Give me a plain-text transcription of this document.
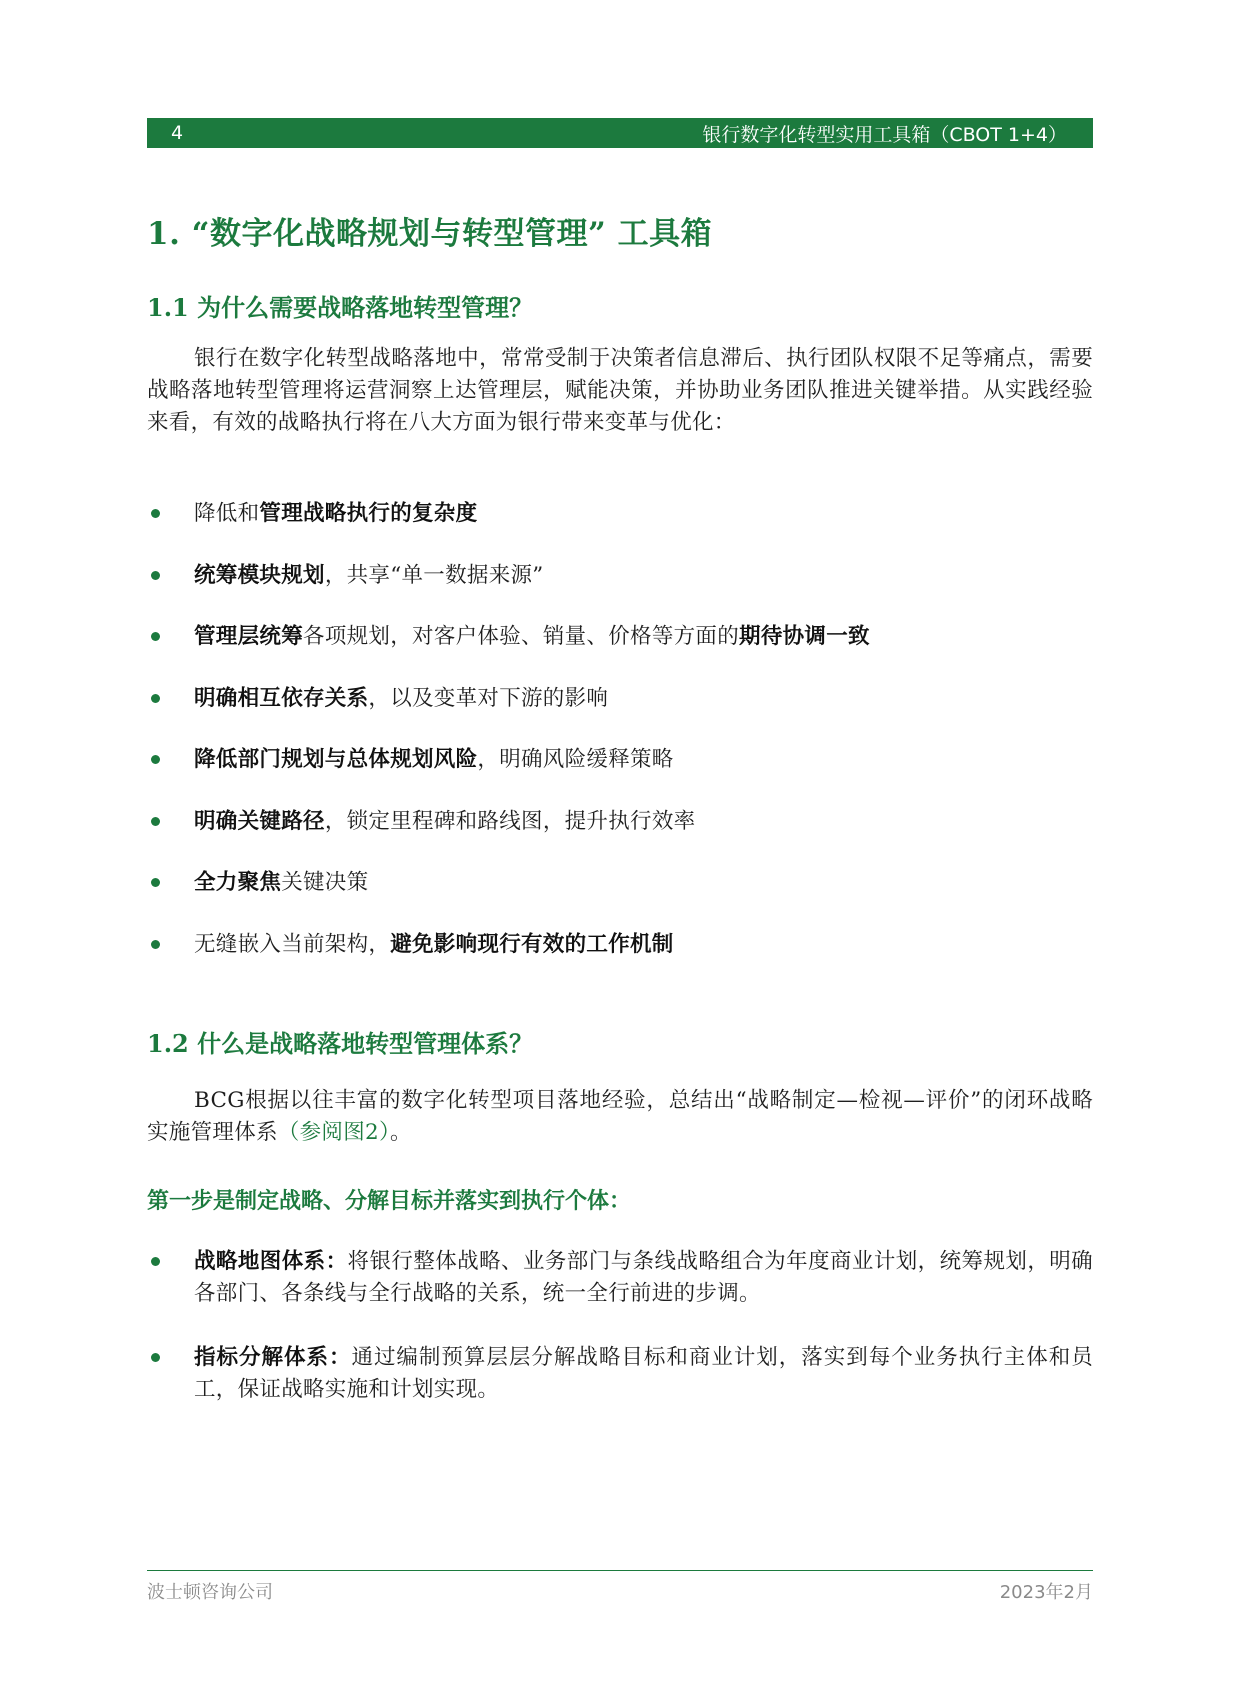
4	银行数字化转型实用工具箱（CBOT 1+4）
1. “数字化战略规划与转型管理” 工具箱
1.1 为什么需要战略落地转型管理？

银行在数字化转型战略落地中，常常受制于决策者信息滞后、执行团队权限不足等痛点，需要战略落地转型管理将运营洞察上达管理层，赋能决策，并协助业务团队推进关键举措。从实践经验来看，有效的战略执行将在八大方面为银行带来变革与优化：

降低和管理战略执行的复杂度
统筹模块规划，共享“单一数据来源”
管理层统筹各项规划，对客户体验、销量、价格等方面的期待协调一致
明确相互依存关系，以及变革对下游的影响
降低部门规划与总体规划风险，明确风险缓释策略
明确关键路径，锁定里程碑和路线图，提升执行效率
全力聚焦关键决策
无缝嵌入当前架构，避免影响现行有效的工作机制
1.2 什么是战略落地转型管理体系？

BCG根据以往丰富的数字化转型项目落地经验，总结出“战略制定—检视—评价”的闭环战略实施管理体系（参阅图2）。

第一步是制定战略、分解目标并落实到执行个体：
战略地图体系：将银行整体战略、业务部门与条线战略组合为年度商业计划，统筹规划，明确各部门、各条线与全行战略的关系，统一全行前进的步调。
指标分解体系：通过编制预算层层分解战略目标和商业计划，落实到每个业务执行主体和员工，保证战略实施和计划实现。
波士顿咨询公司	2023年2月
